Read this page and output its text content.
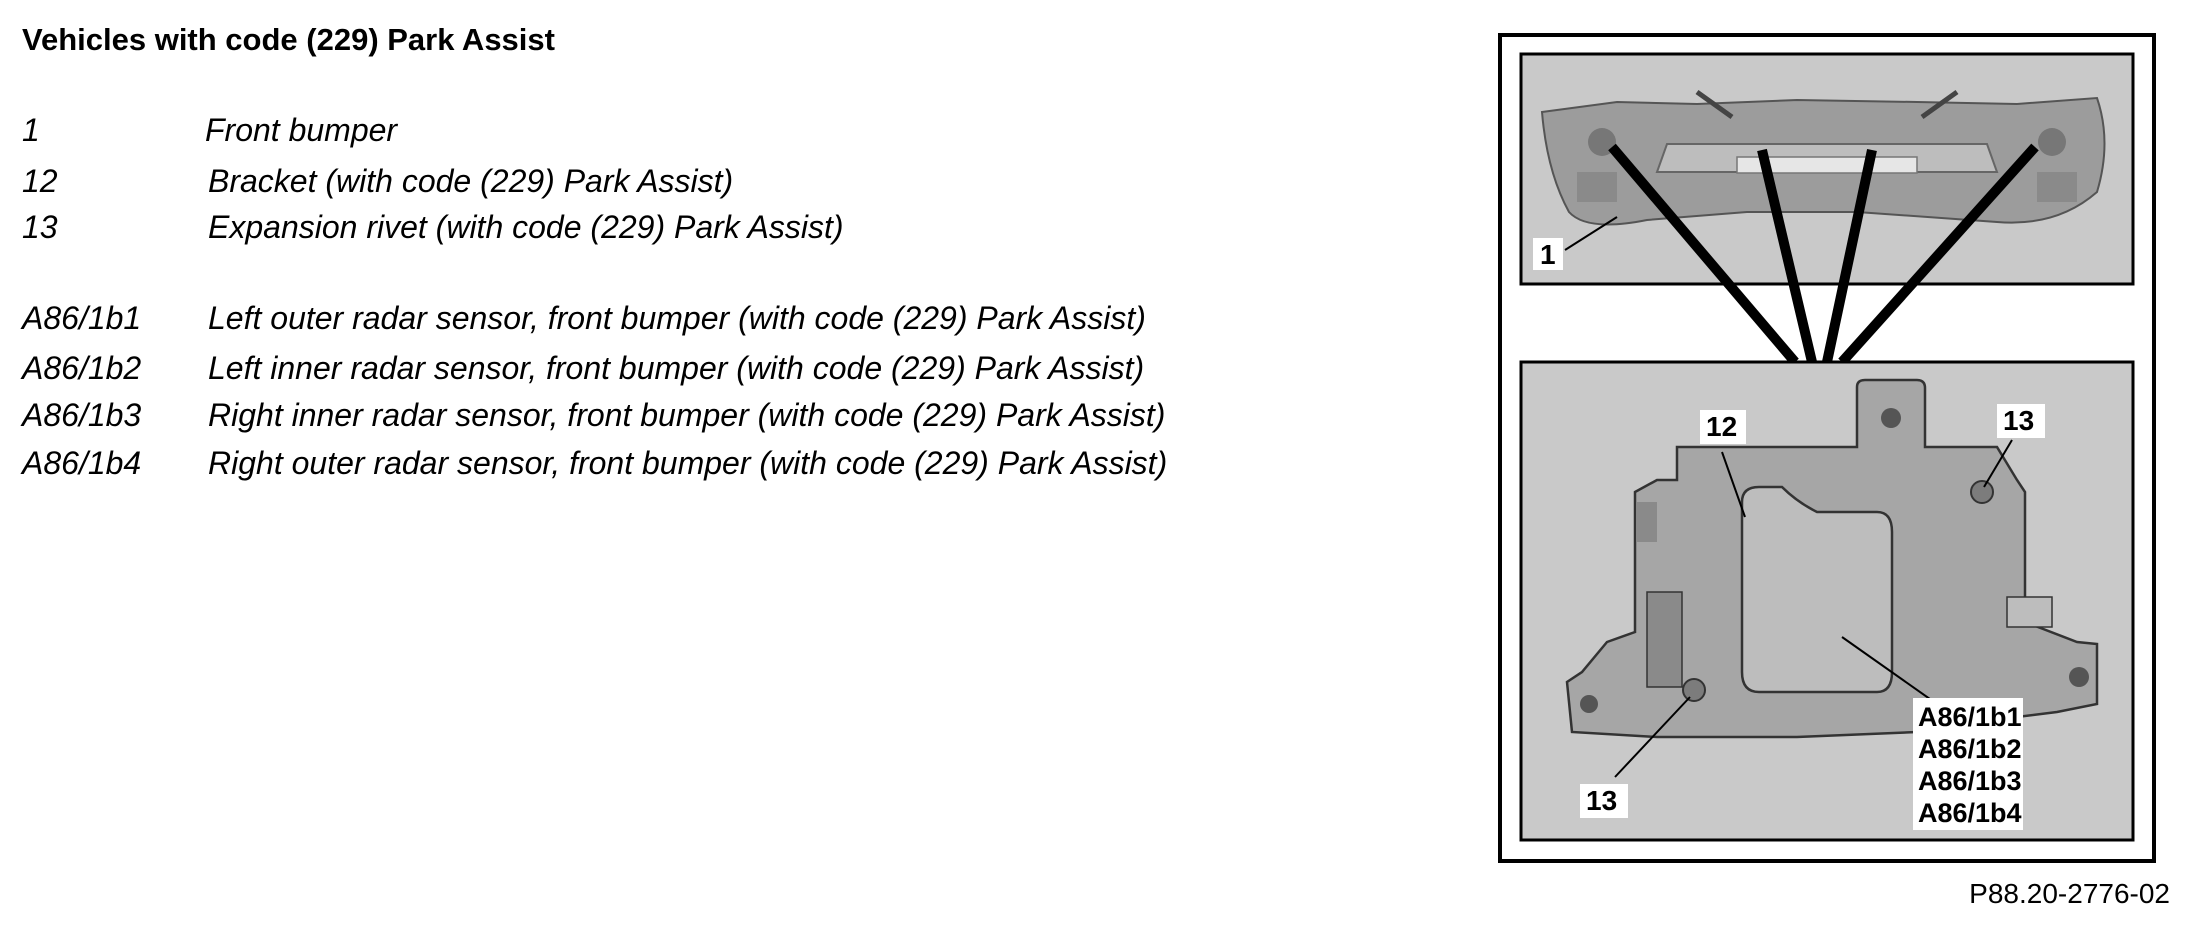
Vehicles with code (229) Park Assist
1	Front bumper
12	Bracket (with code (229) Park Assist)
13	Expansion rivet (with code (229) Park Assist)
A86/1b1 Left outer radar sensor, front bumper (with code (229) Park Assist)
A86/1b2 Left inner radar sensor, front bumper (with code (229) Park Assist)
A86/1b3 Right inner radar sensor, front bumper (with code (229) Park Assist)
A86/1b4 Right outer radar sensor, front bumper (with code (229) Park Assist)
1
12	13
13
A86/1b1
A86/1b2
A86/1b3
A86/1b4
P88.20-2776-02
